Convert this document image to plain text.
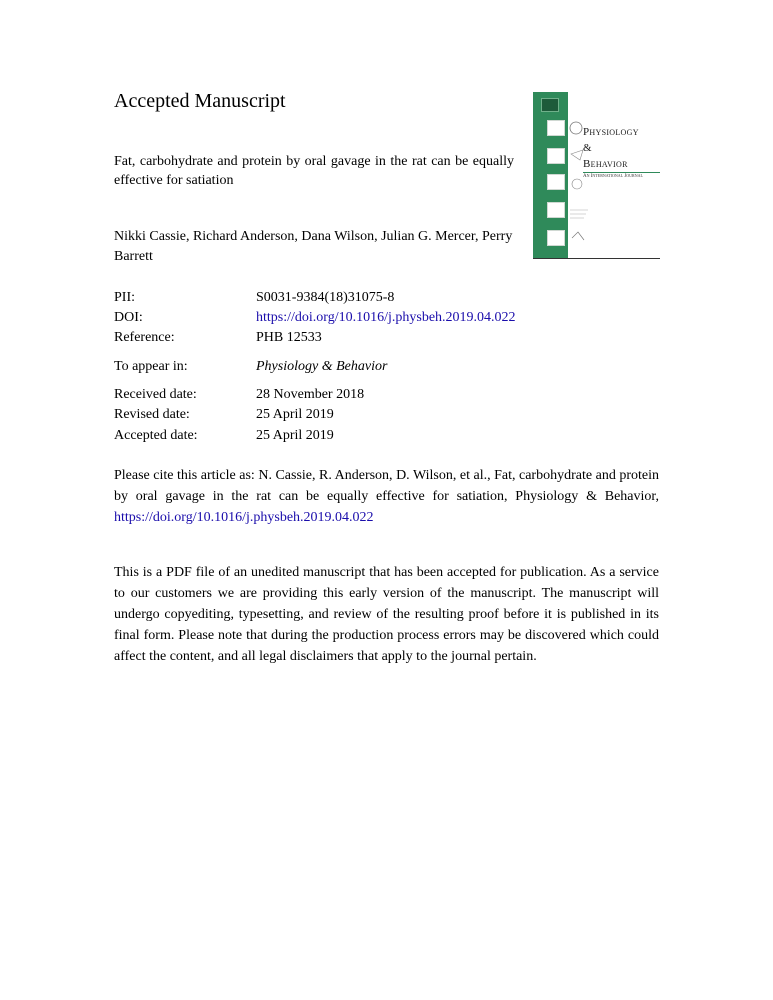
Accepted Manuscript
Fat, carbohydrate and protein by oral gavage in the rat can be equally effective for satiation
Nikki Cassie, Richard Anderson, Dana Wilson, Julian G. Mercer, Perry Barrett
Physiology
&
Behavior
An International Journal
PII:	S0031-9384(18)31075-8
DOI:	https://doi.org/10.1016/j.physbeh.2019.04.022
Reference:	PHB 12533
To appear in:	Physiology & Behavior
Received date:	28 November 2018
Revised date:	25 April 2019
Accepted date:	25 April 2019
Please cite this article as: N. Cassie, R. Anderson, D. Wilson, et al., Fat, carbohydrate and protein by oral gavage in the rat can be equally effective for satiation, Physiology & Behavior, https://doi.org/10.1016/j.physbeh.2019.04.022
This is a PDF file of an unedited manuscript that has been accepted for publication. As a service to our customers we are providing this early version of the manuscript. The manuscript will undergo copyediting, typesetting, and review of the resulting proof before it is published in its final form. Please note that during the production process errors may be discovered which could affect the content, and all legal disclaimers that apply to the journal pertain.
